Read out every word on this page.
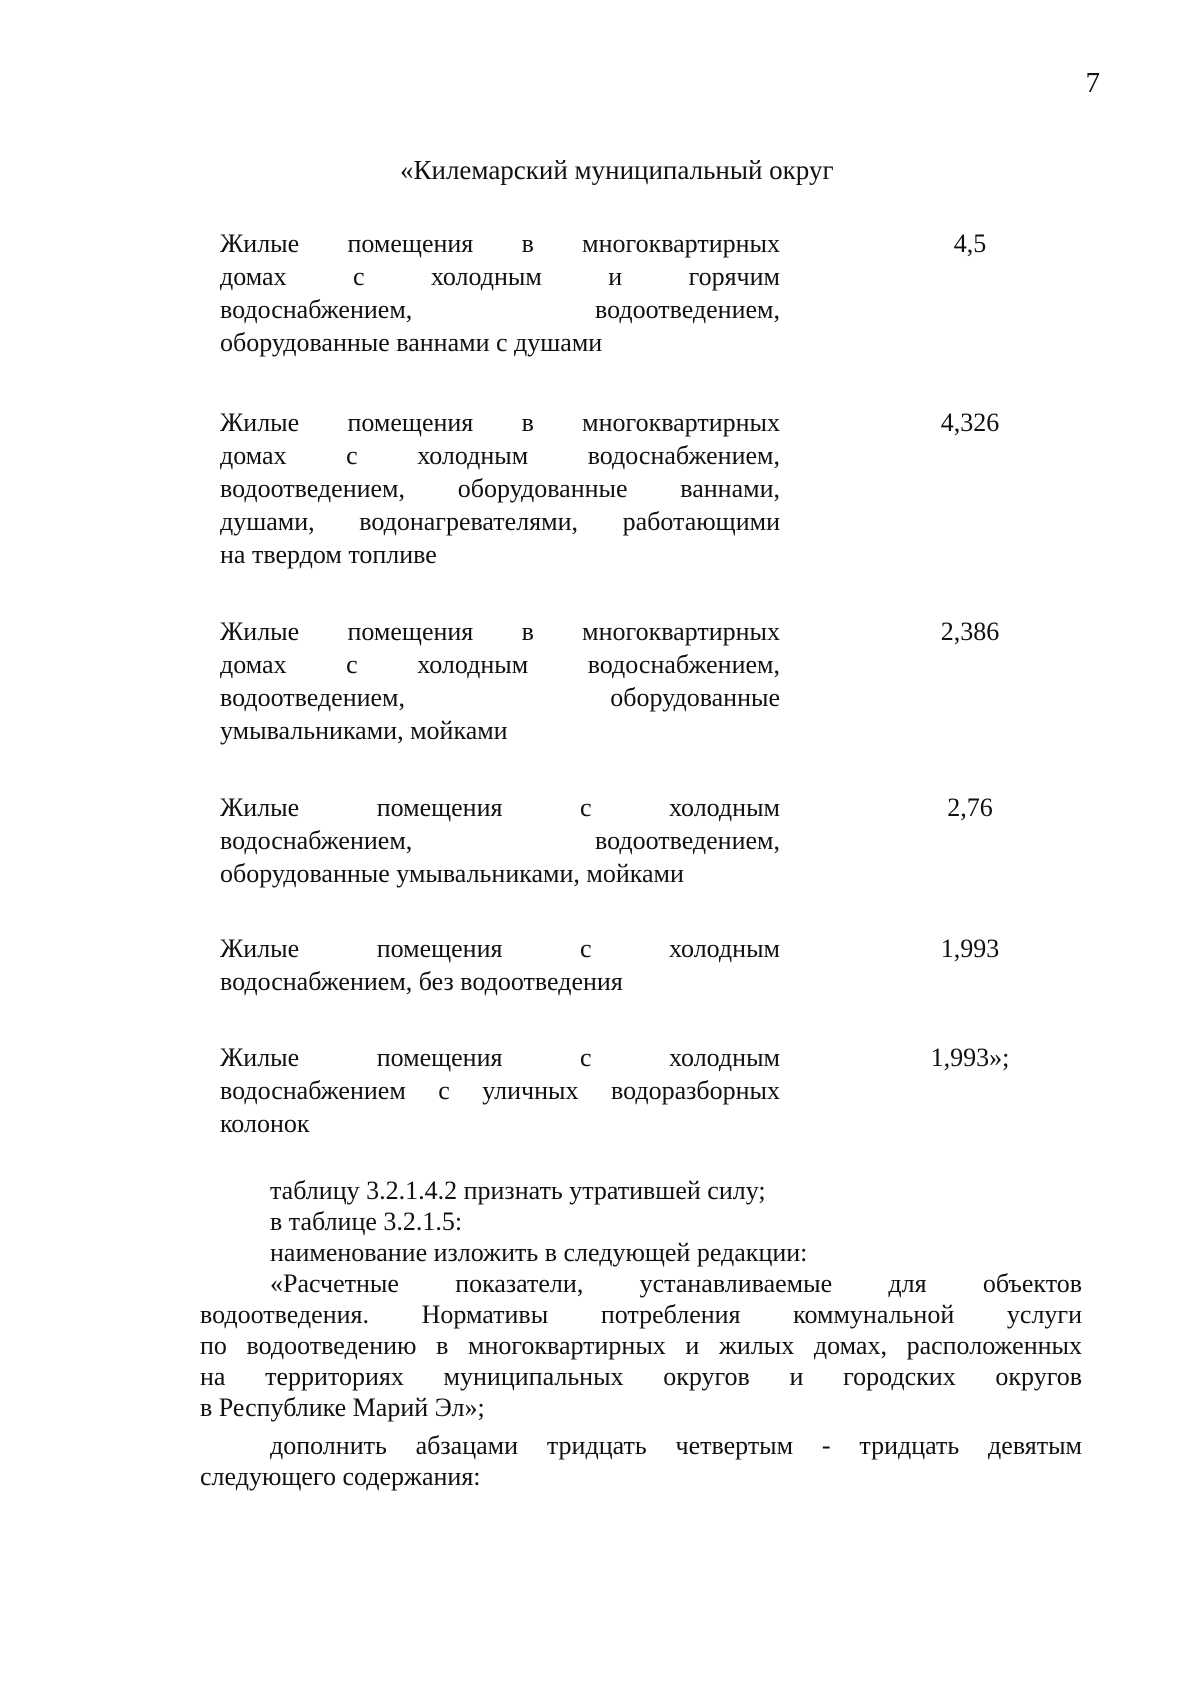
7
«Килемарский муниципальный округ
Жилые помещения в многоквартирных
домах с холодным и горячим
водоснабжением, водоотведением,
оборудованные ваннами с душами
4,5
Жилые помещения в многоквартирных
домах с холодным водоснабжением,
водоотведением, оборудованные ваннами,
душами, водонагревателями, работающими
на твердом топливе
4,326
Жилые помещения в многоквартирных
домах с холодным водоснабжением,
водоотведением, оборудованные
умывальниками, мойками
2,386
Жилые помещения с холодным
водоснабжением, водоотведением,
оборудованные умывальниками, мойками
2,76
Жилые помещения с холодным
водоснабжением, без водоотведения
1,993
Жилые помещения с холодным
водоснабжением с уличных водоразборных
колонок
1,993»;
таблицу 3.2.1.4.2 признать утратившей силу;
в таблице 3.2.1.5:
наименование изложить в следующей редакции:
«Расчетные показатели, устанавливаемые для объектов
водоотведения. Нормативы потребления коммунальной услуги
по водоотведению в многоквартирных и жилых домах, расположенных
на территориях муниципальных округов и городских округов
в Республике Марий Эл»;
дополнить абзацами тридцать четвертым - тридцать девятым
следующего содержания:
